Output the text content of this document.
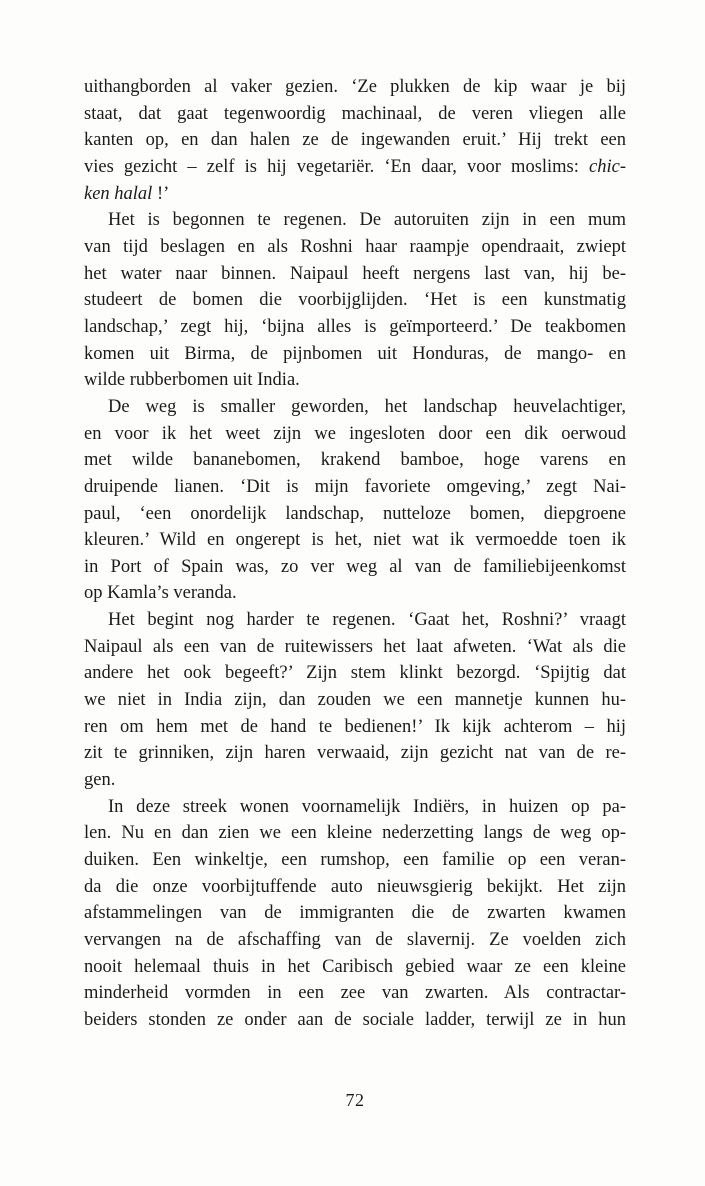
uithangborden al vaker gezien. ‘Ze plukken de kip waar je bij
staat, dat gaat tegenwoordig machinaal, de veren vliegen alle
kanten op, en dan halen ze de ingewanden eruit.’ Hij trekt een
vies gezicht – zelf is hij vegetariër. ‘En daar, voor moslims: chic-
ken halal !’
Het is begonnen te regenen. De autoruiten zijn in een mum
van tijd beslagen en als Roshni haar raampje opendraait, zwiept
het water naar binnen. Naipaul heeft nergens last van, hij be-
studeert de bomen die voorbijglijden. ‘Het is een kunstmatig
landschap,’ zegt hij, ‘bijna alles is geïmporteerd.’ De teakbomen
komen uit Birma, de pijnbomen uit Honduras, de mango- en
wilde rubberbomen uit India.
De weg is smaller geworden, het landschap heuvelachtiger,
en voor ik het weet zijn we ingesloten door een dik oerwoud
met wilde bananebomen, krakend bamboe, hoge varens en
druipende lianen. ‘Dit is mijn favoriete omgeving,’ zegt Nai-
paul, ‘een onordelijk landschap, nutteloze bomen, diepgroene
kleuren.’ Wild en ongerept is het, niet wat ik vermoedde toen ik
in Port of Spain was, zo ver weg al van de familiebijeenkomst
op Kamla’s veranda.
Het begint nog harder te regenen. ‘Gaat het, Roshni?’ vraagt
Naipaul als een van de ruitewissers het laat afweten. ‘Wat als die
andere het ook begeeft?’ Zijn stem klinkt bezorgd. ‘Spijtig dat
we niet in India zijn, dan zouden we een mannetje kunnen hu-
ren om hem met de hand te bedienen!’ Ik kijk achterom – hij
zit te grinniken, zijn haren verwaaid, zijn gezicht nat van de re-
gen.
In deze streek wonen voornamelijk Indiërs, in huizen op pa-
len. Nu en dan zien we een kleine nederzetting langs de weg op-
duiken. Een winkeltje, een rumshop, een familie op een veran-
da die onze voorbijtuffende auto nieuwsgierig bekijkt. Het zijn
afstammelingen van de immigranten die de zwarten kwamen
vervangen na de afschaffing van de slavernij. Ze voelden zich
nooit helemaal thuis in het Caribisch gebied waar ze een kleine
minderheid vormden in een zee van zwarten. Als contractar-
beiders stonden ze onder aan de sociale ladder, terwijl ze in hun
72
